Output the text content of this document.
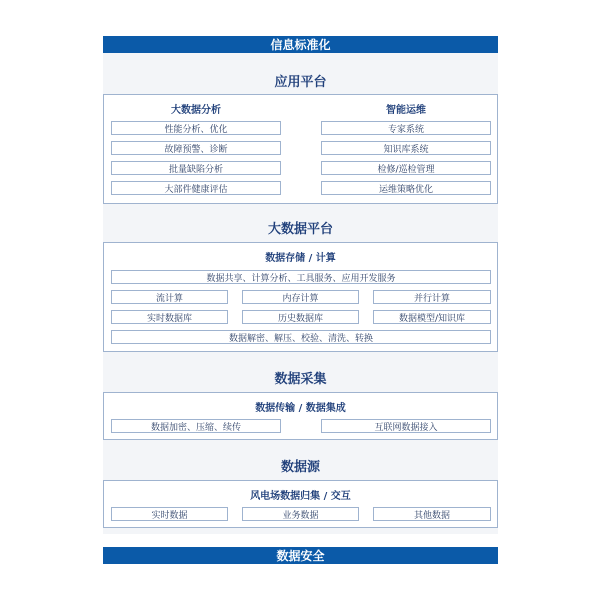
信息标准化
应用平台
大数据分析
性能分析、优化
故障预警、诊断
批量缺陷分析
大部件健康评估
智能运维
专家系统
知识库系统
检修/巡检管理
运维策略优化
大数据平台
数据存储 / 计算
数据共享、计算分析、工具服务、应用开发服务
流计算	内存计算	并行计算
实时数据库	历史数据库	数据模型/知识库
数据解密、解压、校验、清洗、转换
数据采集
数据传输 / 数据集成
数据加密、压缩、续传	互联网数据接入
数据源
风电场数据归集 / 交互
实时数据	业务数据	其他数据
数据安全
